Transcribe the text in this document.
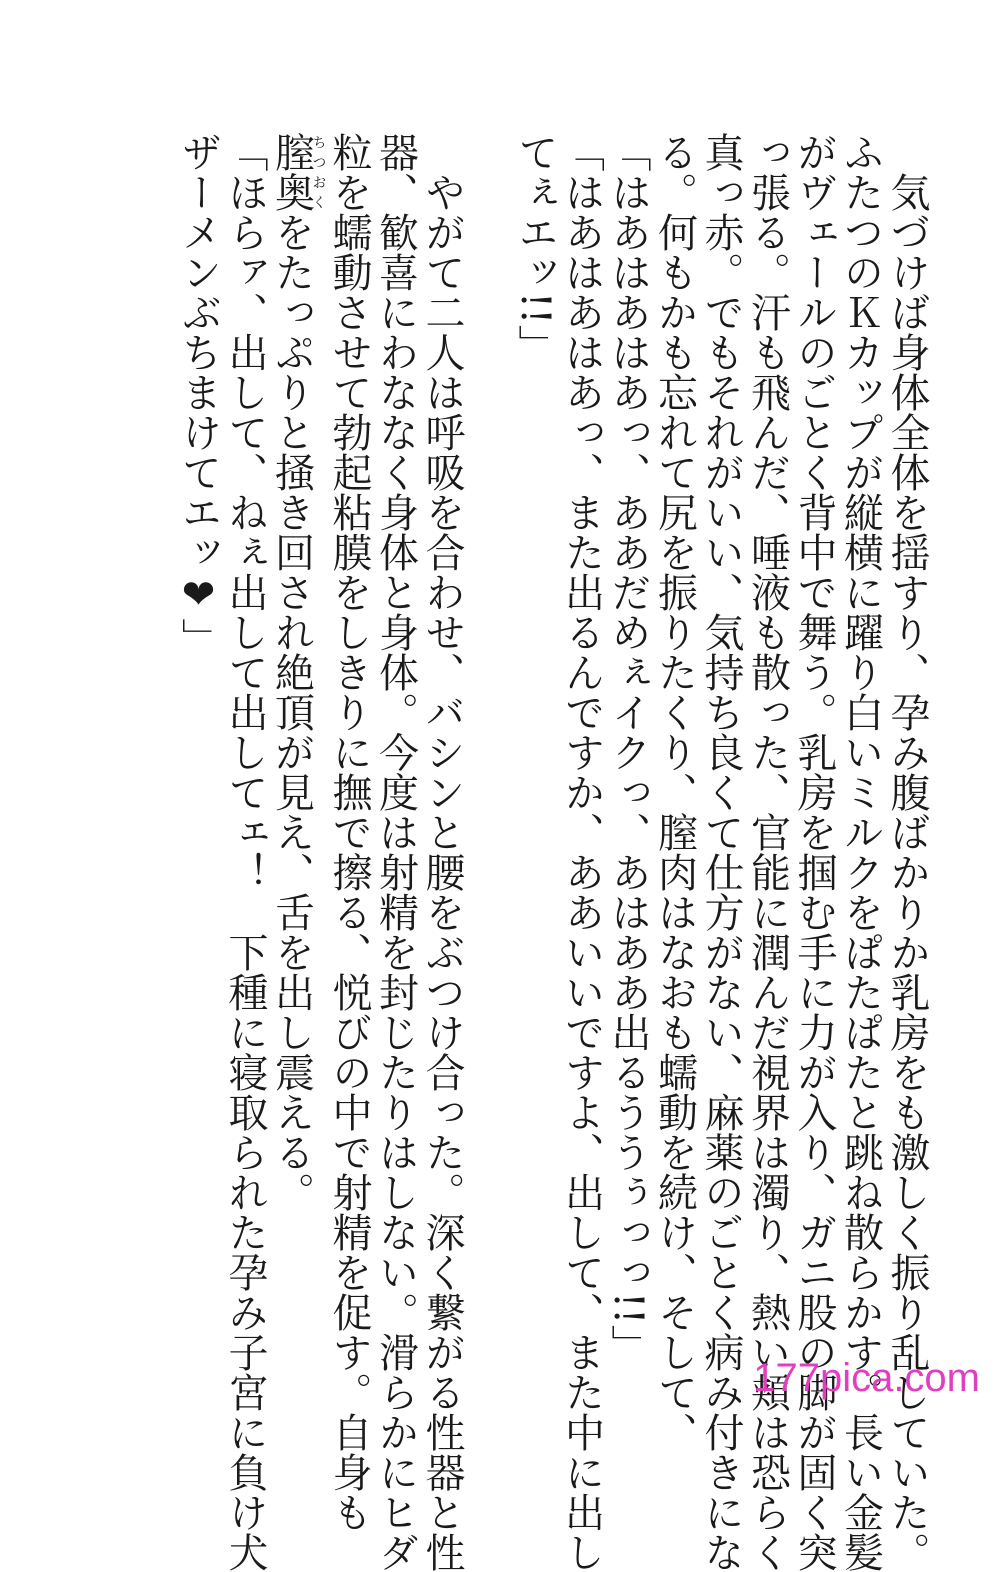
　気づけば身体全体を揺すり、孕み腹ばかりか乳房をも激しく振り乱していた。
ふたつのＫカップが縦横に躍り白いミルクをぱたぱたと跳ね散らかす。長い金髪
がヴェールのごとく背中で舞う。乳房を掴む手に力が入り、ガニ股の脚が固く突
っ張る。汗も飛んだ、唾液も散った、官能に潤んだ視界は濁り、熱い頬は恐らく
真っ赤。でもそれがいい、気持ち良くて仕方がない、麻薬のごとく病み付きにな
る。何もかも忘れて尻を振りたくり、膣肉はなおも蠕動を続け、そして、
「はあはあはあっ、ああだめぇイクっ、あはああ出るううぅっっ!!」
「はあはあはあっ、また出るんですか、ああいいですよ、出して、また中に出し
てぇエッ!!」
　やがて二人は呼吸を合わせ、バシンと腰をぶつけ合った。深く繋がる性器と性
器、歓喜にわななく身体と身体。今度は射精を封じたりはしない。滑らかにヒダ
粒を蠕動させて勃起粘膜をしきりに撫で擦る、悦びの中で射精を促す。自身も
膣奥ちつおくをたっぷりと掻き回され絶頂が見え、舌を出し震える。
「ほらァ、出して、ねぇ出して出してェ！　下種に寝取られた孕み子宮に負け犬
ザーメンぶちまけてエッ❤」
177pica.com
